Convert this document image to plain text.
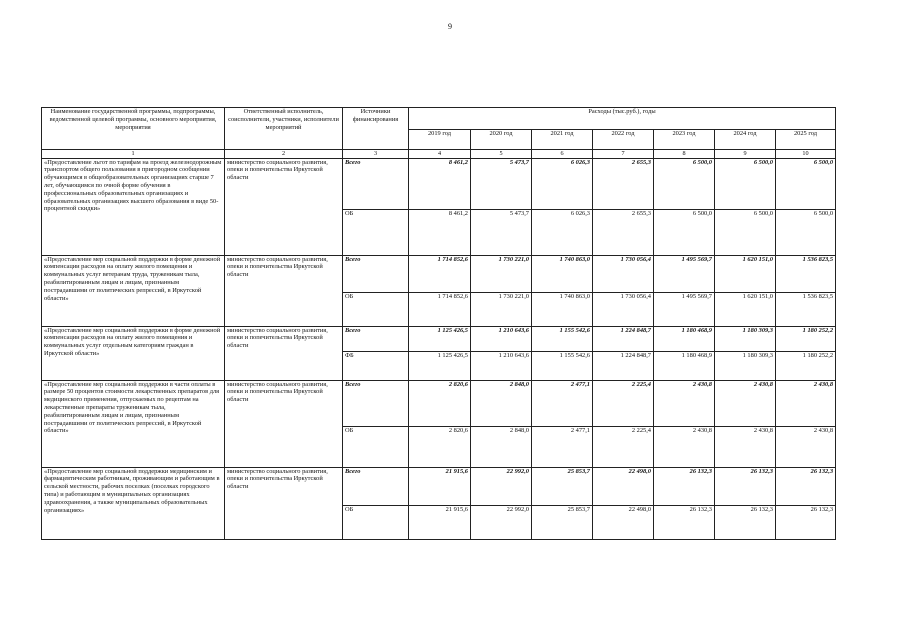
9
Наименование государственной программы, подпрограммы, ведомственной целевой программы, основного мероприятия, мероприятия	Ответственный исполнитель, соисполнители, участники, исполнители мероприятий	Источники финансирования	Расходы (тыс.руб.), годы						
			2019 год	2020 год	2021 год	2022 год	2023 год	2024 год	2025 год
1	2	3	4	5	6	7	8	9	10
«Предоставление льгот по тарифам на проезд железнодорожным транспортом общего пользования в пригородном сообщении обучающимся в общеобразовательных организациях старше 7 лет, обучающимся по очной форме обучения в профессиональных образовательных организациях и образовательных организациях высшего образования в виде 50-процентной скидки»	министерство социального развития, опеки и попечительства Иркутской области	Всего	8 461,2	5 473,7	6 026,3	2 655,3	6 500,0	6 500,0	6 500,0
		ОБ	8 461,2	5 473,7	6 026,3	2 655,3	6 500,0	6 500,0	6 500,0
«Предоставление мер социальной поддержки в форме денежной компенсации расходов на оплату жилого помещения и коммунальных услуг ветеранам труда, труженикам тыла, реабилитированным лицам и лицам, признанным пострадавшими от политических репрессий, в Иркутской области»	министерство социального развития, опеки и попечительства Иркутской области	Всего	1 714 852,6	1 730 221,0	1 740 863,0	1 730 056,4	1 495 569,7	1 620 151,0	1 536 823,5
		ОБ	1 714 852,6	1 730 221,0	1 740 863,0	1 730 056,4	1 495 569,7	1 620 151,0	1 536 823,5
«Предоставление мер социальной поддержки в форме денежной компенсации расходов на оплату жилого помещения и коммунальных услуг отдельным категориям граждан в Иркутской области»	министерство социального развития, опеки и попечительства Иркутской области	Всего	1 125 426,5	1 210 643,6	1 155 542,6	1 224 848,7	1 180 468,9	1 180 309,3	1 180 252,2
		ФБ	1 125 426,5	1 210 643,6	1 155 542,6	1 224 848,7	1 180 468,9	1 180 309,3	1 180 252,2
«Предоставление мер социальной поддержки в части оплаты в размере 50 процентов стоимости лекарственных препаратов для медицинского применения, отпускаемых по рецептам на лекарственные препараты труженикам тыла, реабилитированным лицам и лицам, признанным пострадавшими от политических репрессий, в Иркутской области»	министерство социального развития, опеки и попечительства Иркутской области	Всего	2 820,6	2 848,0	2 477,1	2 225,4	2 430,8	2 430,8	2 430,8
		ОБ	2 820,6	2 848,0	2 477,1	2 225,4	2 430,8	2 430,8	2 430,8
«Предоставление мер социальной поддержки медицинским и фармацевтическим работникам, проживающим и работающим в сельской местности, рабочих поселках (поселках городского типа) и работающим в муниципальных организациях здравоохранения, а также муниципальных образовательных организациях»	министерство социального развития, опеки и попечительства Иркутской области	Всего	21 915,6	22 992,0	25 853,7	22 498,0	26 132,3	26 132,3	26 132,3
		ОБ	21 915,6	22 992,0	25 853,7	22 498,0	26 132,3	26 132,3	26 132,3
